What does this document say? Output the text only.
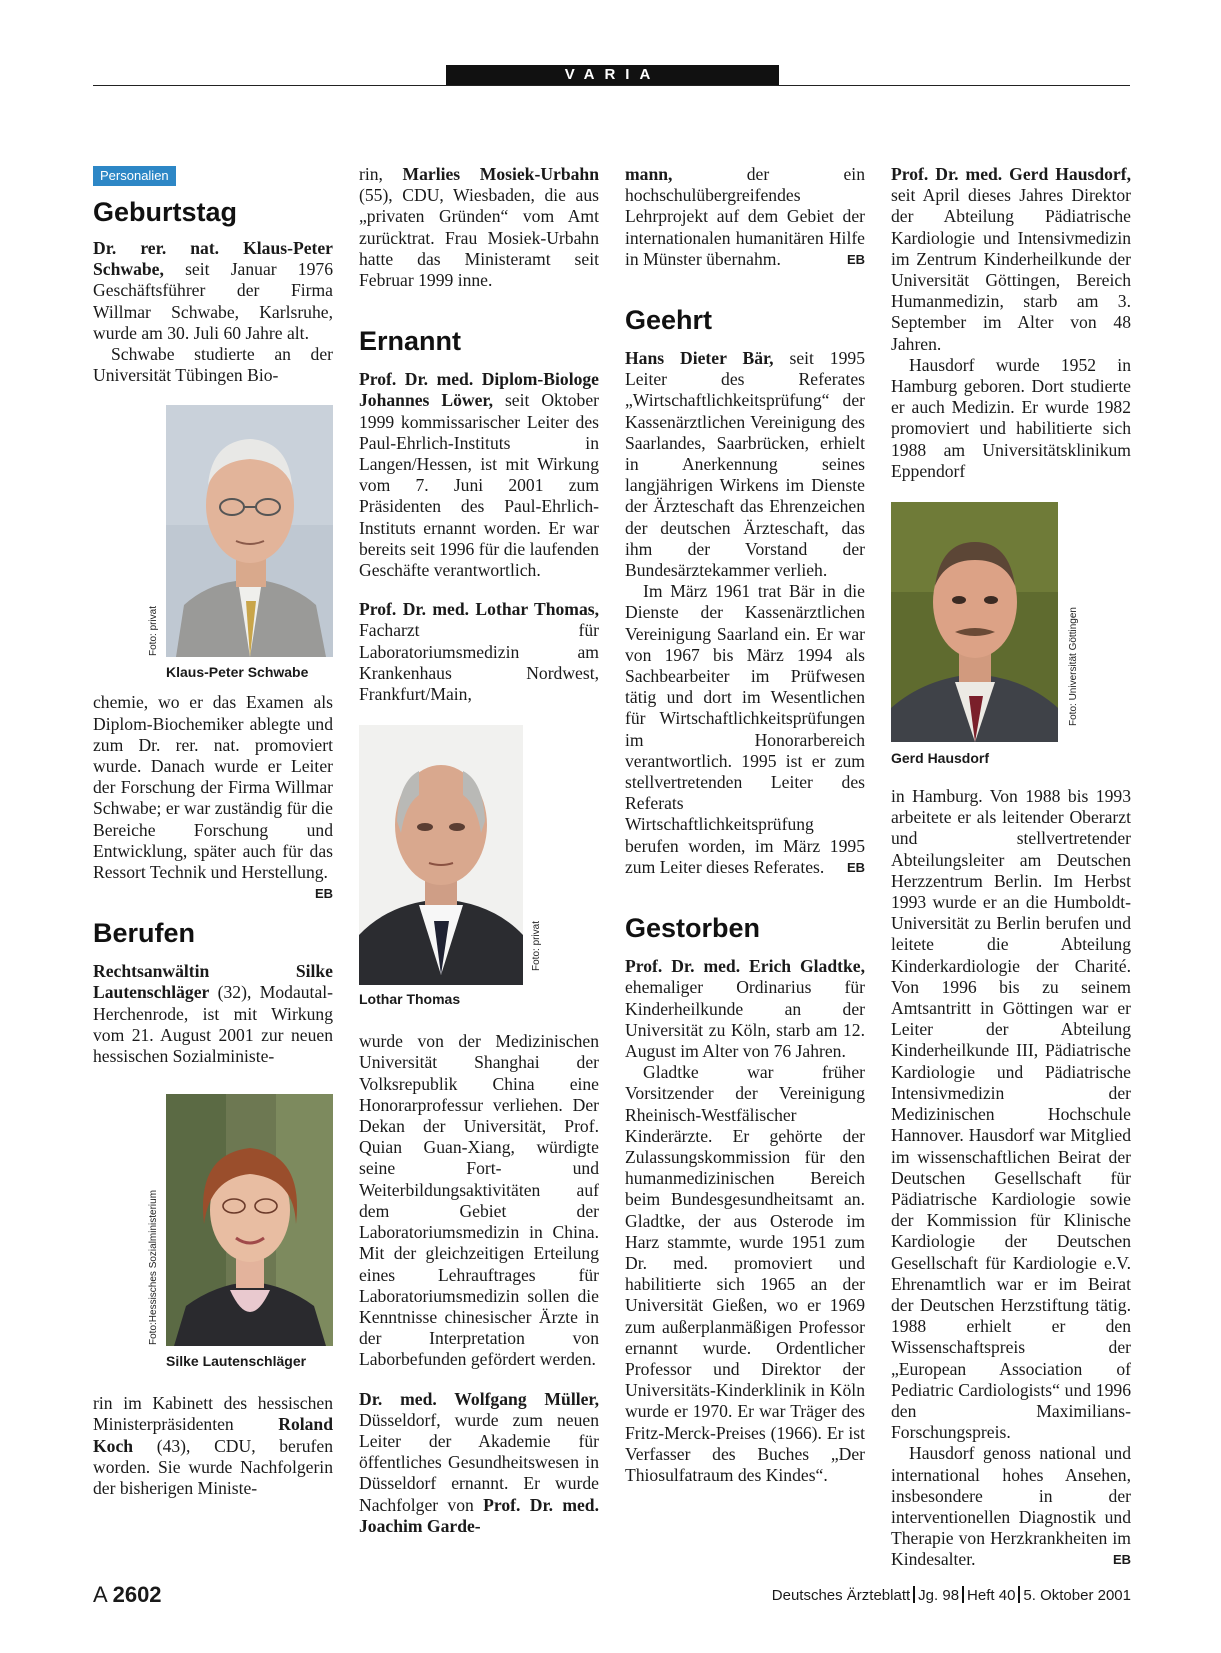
VARIA
Personalien
Geburtstag

Dr. rer. nat. Klaus-Peter Schwabe, seit Januar 1976 Geschäftsführer der Firma Willmar Schwabe, Karlsruhe, wurde am 30. Juli 60 Jahre alt.

Schwabe studierte an der Universität Tübingen Bio-

Foto: privat
Klaus-Peter Schwabe

chemie, wo er das Examen als Diplom-Biochemiker ablegte und zum Dr. rer. nat. promoviert wurde. Danach wurde er Leiter der Forschung der Firma Willmar Schwabe; er war zuständig für die Bereiche Forschung und Entwicklung, später auch für das Ressort Technik und Herstellung.
EB

Berufen

Rechtsanwältin Silke Lautenschläger (32), Modautal-Herchenrode, ist mit Wirkung vom 21. August 2001 zur neuen hessischen Sozialministe-

Foto:Hessisches Sozialministerium
Silke Lautenschläger

rin im Kabinett des hessischen Ministerpräsidenten Roland Koch (43), CDU, berufen worden. Sie wurde Nachfolgerin der bisherigen Ministe-

rin, Marlies Mosiek-Urbahn (55), CDU, Wiesbaden, die aus „privaten Gründen“ vom Amt zurücktrat. Frau Mosiek-Urbahn hatte das Ministeramt seit Februar 1999 inne.

Ernannt

Prof. Dr. med. Diplom-Biologe Johannes Löwer, seit Oktober 1999 kommissarischer Leiter des Paul-Ehrlich-Instituts in Langen/Hessen, ist mit Wirkung vom 7. Juni 2001 zum Präsidenten des Paul-Ehrlich-Instituts ernannt worden. Er war bereits seit 1996 für die laufenden Geschäfte verantwortlich.

Prof. Dr. med. Lothar Thomas, Facharzt für Laboratoriumsmedizin am Krankenhaus Nordwest, Frankfurt/Main,

Foto: privat
Lothar Thomas

wurde von der Medizinischen Universität Shanghai der Volksrepublik China eine Honorarprofessur verliehen. Der Dekan der Universität, Prof. Quian Guan-Xiang, würdigte seine Fort- und Weiterbildungsaktivitäten auf dem Gebiet der Laboratoriumsmedizin in China. Mit der gleichzeitigen Erteilung eines Lehrauftrages für Laboratoriumsmedizin sollen die Kenntnisse chinesischer Ärzte in der Interpretation von Laborbefunden gefördert werden.

Dr. med. Wolfgang Müller, Düsseldorf, wurde zum neuen Leiter der Akademie für öffentliches Gesundheitswesen in Düsseldorf ernannt. Er wurde Nachfolger von Prof. Dr. med. Joachim Garde-

mann, der ein hochschulübergreifendes Lehrprojekt auf dem Gebiet der internationalen humanitären Hilfe in Münster übernahm.	EB

Geehrt

Hans Dieter Bär, seit 1995 Leiter des Referates „Wirtschaftlichkeitsprüfung“ der Kassenärztlichen Vereinigung des Saarlandes, Saarbrücken, erhielt in Anerkennung seines langjährigen Wirkens im Dienste der Ärzteschaft das Ehrenzeichen der deutschen Ärzteschaft, das ihm der Vorstand der Bundesärztekammer verlieh.

Im März 1961 trat Bär in die Dienste der Kassenärztlichen Vereinigung Saarland ein. Er war von 1967 bis März 1994 als Sachbearbeiter im Prüfwesen tätig und dort im Wesentlichen für Wirtschaftlichkeitsprüfungen im Honorarbereich verantwortlich. 1995 ist er zum stellvertretenden Leiter des Referats Wirtschaftlichkeitsprüfung berufen worden, im März 1995 zum Leiter dieses Referates.	EB

Gestorben

Prof. Dr. med. Erich Gladtke, ehemaliger Ordinarius für Kinderheilkunde an der Universität zu Köln, starb am 12. August im Alter von 76 Jahren.

Gladtke war früher Vorsitzender der Vereinigung Rheinisch-Westfälischer Kinderärzte. Er gehörte der Zulassungskommission für den humanmedizinischen Bereich beim Bundesgesundheitsamt an. Gladtke, der aus Osterode im Harz stammte, wurde 1951 zum Dr. med. promoviert und habilitierte sich 1965 an der Universität Gießen, wo er 1969 zum außerplanmäßigen Professor ernannt wurde. Ordentlicher Professor und Direktor der Universitäts-Kinderklinik in Köln wurde er 1970. Er war Träger des Fritz-Merck-Preises (1966). Er ist Verfasser des Buches „Der Thiosulfatraum des Kindes“.

Prof. Dr. med. Gerd Hausdorf, seit April dieses Jahres Direktor der Abteilung Pädiatrische Kardiologie und Intensivmedizin im Zentrum Kinderheilkunde der Universität Göttingen, Bereich Humanmedizin, starb am 3. September im Alter von 48 Jahren.

Hausdorf wurde 1952 in Hamburg geboren. Dort studierte er auch Medizin. Er wurde 1982 promoviert und habilitierte sich 1988 am Universitätsklinikum Eppendorf

Foto: Universität Göttingen
Gerd Hausdorf

in Hamburg. Von 1988 bis 1993 arbeitete er als leitender Oberarzt und stellvertretender Abteilungsleiter am Deutschen Herzzentrum Berlin. Im Herbst 1993 wurde er an die Humboldt-Universität zu Berlin berufen und leitete die Abteilung Kinderkardiologie der Charité. Von 1996 bis zu seinem Amtsantritt in Göttingen war er Leiter der Abteilung Kinderheilkunde III, Pädiatrische Kardiologie und Pädiatrische Intensivmedizin der Medizinischen Hochschule Hannover. Hausdorf war Mitglied im wissenschaftlichen Beirat der Deutschen Gesellschaft für Pädiatrische Kardiologie sowie der Kommission für Klinische Kardiologie der Deutschen Gesellschaft für Kardiologie e.V. Ehrenamtlich war er im Beirat der Deutschen Herzstiftung tätig. 1988 erhielt er den Wissenschaftspreis der „European Association of Pediatric Cardiologists“ und 1996 den Maximilians-Forschungspreis.

Hausdorf genoss national und international hohes Ansehen, insbesondere in der interventionellen Diagnostik und Therapie von Herzkrankheiten im Kindesalter.	EB

A 2602	Deutsches Ärzteblatt Jg. 98 Heft 40 5. Oktober 2001
